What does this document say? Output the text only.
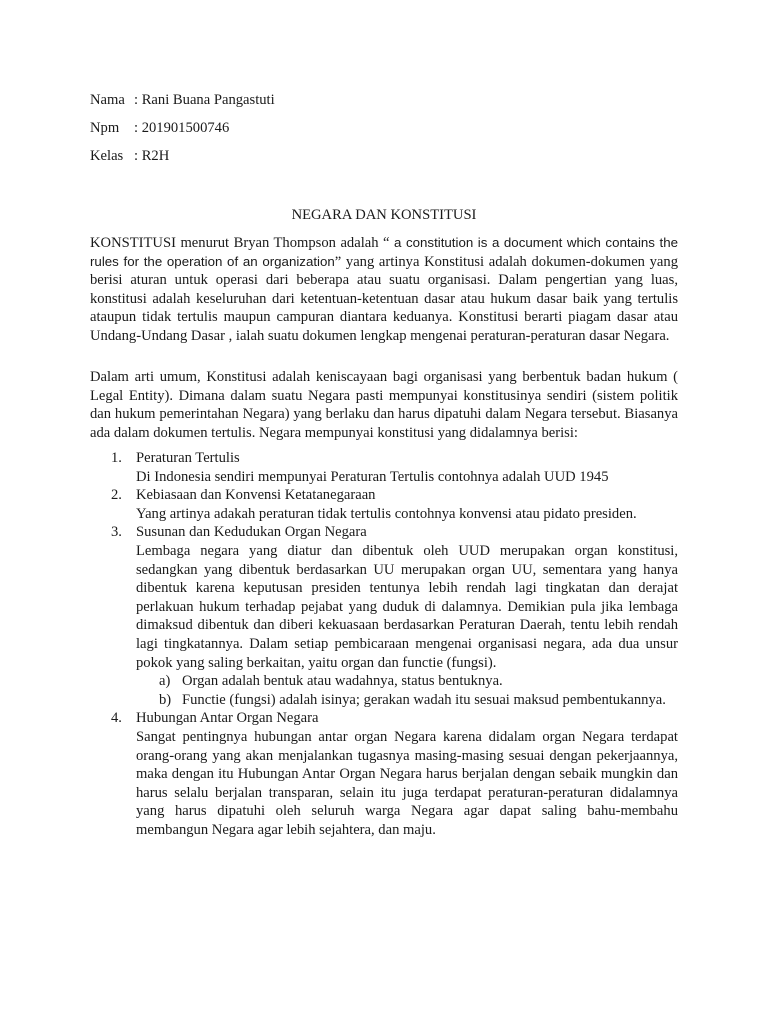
Nama : Rani Buana Pangastuti
Npm	: 201901500746
Kelas : R2H
NEGARA DAN KONSTITUSI

KONSTITUSI menurut Bryan Thompson adalah “ a constitution is a document which contains the rules for the operation of an organization” yang artinya Konstitusi adalah dokumen-dokumen yang berisi aturan untuk operasi dari beberapa atau suatu organisasi. Dalam pengertian yang luas, konstitusi adalah keseluruhan dari ketentuan-ketentuan dasar atau hukum dasar baik yang tertulis ataupun tidak tertulis maupun campuran diantara keduanya. Konstitusi berarti piagam dasar atau Undang-Undang Dasar , ialah suatu dokumen lengkap mengenai peraturan-peraturan dasar Negara.

Dalam arti umum, Konstitusi adalah keniscayaan bagi organisasi yang berbentuk badan hukum ( Legal Entity). Dimana dalam suatu Negara pasti mempunyai konstitusinya sendiri (sistem politik dan hukum pemerintahan Negara) yang berlaku dan harus dipatuhi dalam Negara tersebut. Biasanya ada dalam dokumen tertulis. Negara mempunyai konstitusi yang didalamnya berisi:

1. Peraturan Tertulis
Di Indonesia sendiri mempunyai Peraturan Tertulis contohnya adalah UUD 1945
2. Kebiasaan dan Konvensi Ketatanegaraan
Yang artinya adakah peraturan tidak tertulis contohnya konvensi atau pidato presiden.
3. Susunan dan Kedudukan Organ Negara
Lembaga negara yang diatur dan dibentuk oleh UUD merupakan organ konstitusi, sedangkan yang dibentuk berdasarkan UU merupakan organ UU, sementara yang hanya dibentuk karena keputusan presiden tentunya lebih rendah lagi tingkatan dan derajat perlakuan hukum terhadap pejabat yang duduk di dalamnya. Demikian pula jika lembaga dimaksud dibentuk dan diberi kekuasaan berdasarkan Peraturan Daerah, tentu lebih rendah lagi tingkatannya. Dalam setiap pembicaraan mengenai organisasi negara, ada dua unsur pokok yang saling berkaitan, yaitu organ dan functie (fungsi).
a) Organ adalah bentuk atau wadahnya, status bentuknya.
b) Functie (fungsi) adalah isinya; gerakan wadah itu sesuai maksud pembentukannya.
4. Hubungan Antar Organ Negara
Sangat pentingnya hubungan antar organ Negara karena didalam organ Negara terdapat orang-orang yang akan menjalankan tugasnya masing-masing sesuai dengan pekerjaannya, maka dengan itu Hubungan Antar Organ Negara harus berjalan dengan sebaik mungkin dan harus selalu berjalan transparan, selain itu juga terdapat peraturan-peraturan didalamnya yang harus dipatuhi oleh seluruh warga Negara agar dapat saling bahu-membahu membangun Negara agar lebih sejahtera, dan maju.
